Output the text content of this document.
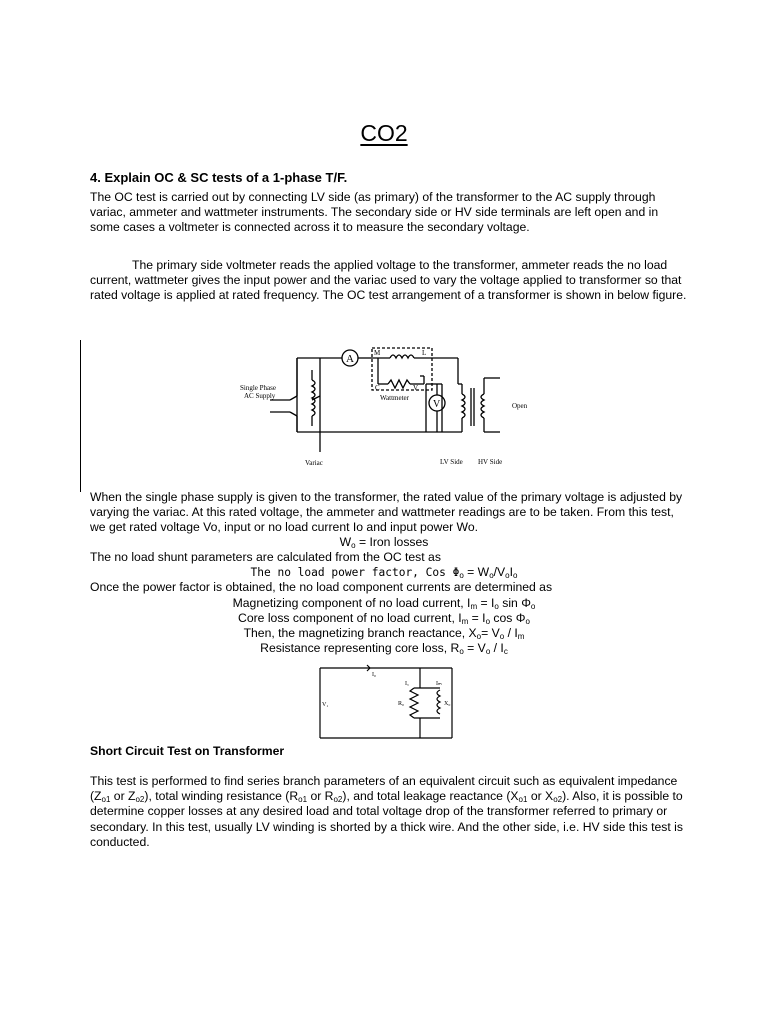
CO2
4. Explain OC & SC tests of a 1-phase T/F.
The OC test is carried out by connecting LV side (as primary) of the transformer to the AC supply through variac, ammeter and wattmeter instruments. The secondary side or HV side terminals are left open and in some cases a voltmeter is connected across it to measure the secondary voltage.
The primary side voltmeter reads the applied voltage to the transformer, ammeter reads the no load current, wattmeter gives the input power and the variac used to vary the voltage applied to transformer so that rated voltage is applied at rated frequency. The OC test arrangement of a transformer is shown in below figure.
Single Phase
AC Supply
Variac
Wattmeter
LV Side HV Side
Open
M	L
C	V
A
V
When the single phase supply is given to the transformer, the rated value of the primary voltage is adjusted by varying the variac. At this rated voltage, the ammeter and wattmeter readings are to be taken. From this test, we get rated voltage Vo, input or no load current Io and input power Wo.
$W_o$ = Iron losses
The no load shunt parameters are calculated from the OC test as
The no load power factor, Cos $\Phi_o = W_o/V_oI_o$
Once the power factor is obtained, the no load component currents are determined as
Magnetizing component of no load current, $I_m = I_o$ $\sin \Phi_o$
Core loss component of no load current, $I_m = I_o$ $\cos \Phi_o$
Then, the magnetizing branch reactance, $X_o= V_o / I_m$
Resistance representing core loss, $R_o = V_o / I_c$
I₀
V₁
I꜀	Iₘ
R₀	X₀
Short Circuit Test on Transformer
This test is performed to find series branch parameters of an equivalent circuit such as equivalent impedance ($Z_{o1}$ or $Z_{o2}$), total winding resistance ($R_{o1}$ or $R_{o2}$), and total leakage reactance ($X_{o1}$ or $X_{o2}$). Also, it is possible to determine copper losses at any desired load and total voltage drop of the transformer referred to primary or secondary. In this test, usually LV winding is shorted by a thick wire. And the other side, i.e. HV side this test is conducted.
